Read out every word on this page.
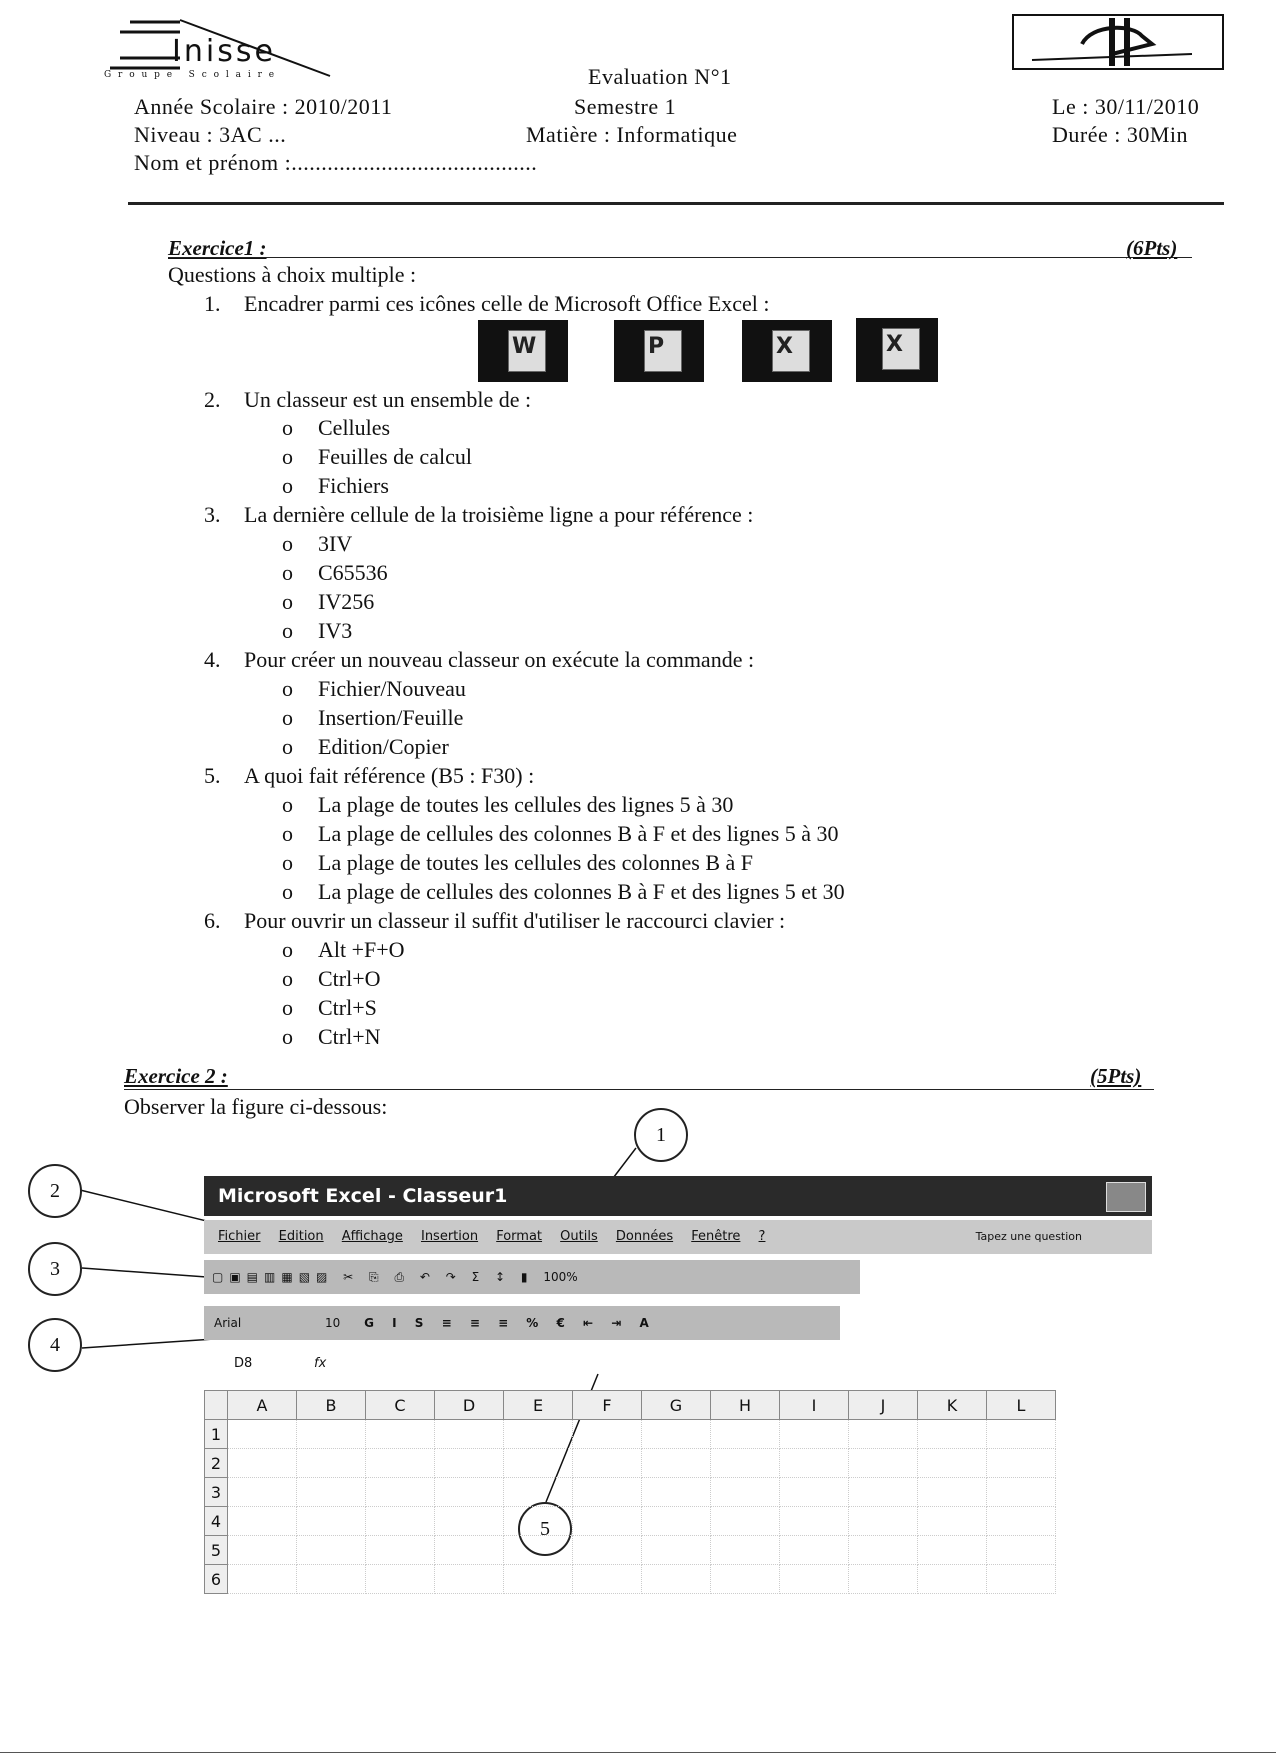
Inisse
G r o u p e   S c o l a i r e
Année Scolaire : 2010/2011
Niveau : 3AC ...
Nom et prénom :.........................................
Evaluation N°1
Semestre 1
Matière : Informatique
Le : 30/11/2010
Durée : 30Min
Exercice1 :	(6Pts)
Questions à choix multiple :
1. Encadrer parmi ces icônes celle de Microsoft Office Excel :
W	P	X	X
2. Un classeur est un ensemble de :
o Cellules
o Feuilles de calcul
o Fichiers
3. La dernière cellule de la troisième ligne a pour référence :
o 3IV
o C65536
o IV256
o IV3
4. Pour créer un nouveau classeur on exécute la commande :
o Fichier/Nouveau
o Insertion/Feuille
o Edition/Copier
5. A quoi fait référence (B5 : F30) :
o La plage de toutes les cellules des lignes 5 à 30
o La plage de cellules des colonnes B à F et des lignes 5 à 30
o La plage de toutes les cellules des colonnes B à F
o La plage de cellules des colonnes B à F et des lignes 5 et 30
6. Pour ouvrir un classeur il suffit d'utiliser le raccourci clavier :
o Alt +F+O
o Ctrl+O
o Ctrl+S
o Ctrl+N
Exercice 2 :	(5Pts)
Observer la figure ci-dessous:
1
2
3
4
5
Microsoft Excel - Classeur1
Fichier Edition Affichage Insertion Format Outils Données Fenêtre ?	Tapez une question
▢▣▤▥▦▧▨ ✂ ⎘ ⎙ ↶ ↷ Σ ↕ ▮ 100%
Arial	10 G I S ≡ ≡ ≡ % € ⇤ ⇥ A
D8	fx
	A	B	C	D	E	F	G	H	I	J	K	L
1												
2												
3												
4												
5												
6												
